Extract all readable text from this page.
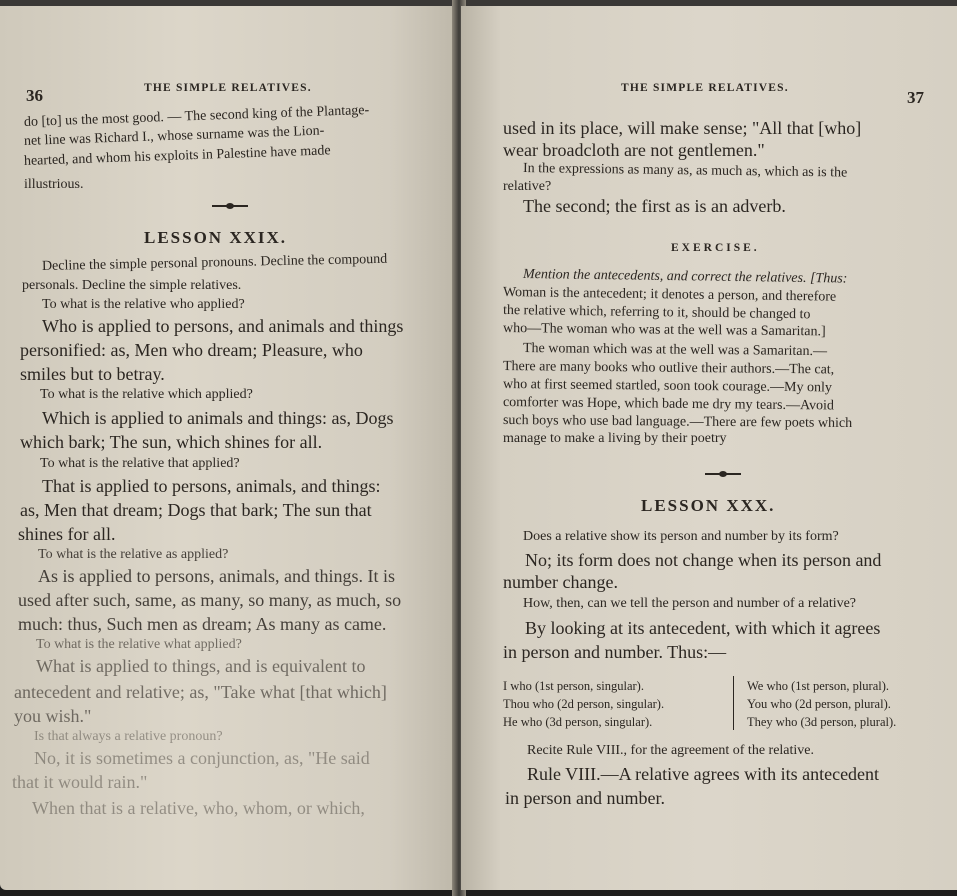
36	THE SIMPLE RELATIVES.
do [to] us the most good. — The second king of the Plantage-
net line was Richard I., whose surname was the Lion-
hearted, and whom his exploits in Palestine have made
illustrious.
LESSON XXIX.
Decline the simple personal pronouns. Decline the compound
personals. Decline the simple relatives.
To what is the relative who applied?
Who is applied to persons, and animals and things
personified: as, Men who dream; Pleasure, who
smiles but to betray.
To what is the relative which applied?
Which is applied to animals and things: as, Dogs
which bark; The sun, which shines for all.
To what is the relative that applied?
That is applied to persons, animals, and things:
as, Men that dream; Dogs that bark; The sun that
shines for all.
To what is the relative as applied?
As is applied to persons, animals, and things. It is
used after such, same, as many, so many, as much, so
much: thus, Such men as dream; As many as came.
To what is the relative what applied?
What is applied to things, and is equivalent to
antecedent and relative; as, "Take what [that which]
you wish."
Is that always a relative pronoun?
No, it is sometimes a conjunction, as, "He said
that it would rain."
When that is a relative, who, whom, or which,
THE SIMPLE RELATIVES.	37
used in its place, will make sense; "All that [who]
wear broadcloth are not gentlemen."
In the expressions as many as, as much as, which as is the
relative?
The second; the first as is an adverb.
EXERCISE.
Mention the antecedents, and correct the relatives. [Thus:
Woman is the antecedent; it denotes a person, and therefore
the relative which, referring to it, should be changed to
who—The woman who was at the well was a Samaritan.]
The woman which was at the well was a Samaritan.—
There are many books who outlive their authors.—The cat,
who at first seemed startled, soon took courage.—My only
comforter was Hope, which bade me dry my tears.—Avoid
such boys who use bad language.—There are few poets which
manage to make a living by their poetry
LESSON XXX.
Does a relative show its person and number by its form?
No; its form does not change when its person and
number change.
How, then, can we tell the person and number of a relative?
By looking at its antecedent, with which it agrees
in person and number. Thus:—
I who (1st person, singular).
Thou who (2d person, singular).
He who (3d person, singular).
We who (1st person, plural).
You who (2d person, plural).
They who (3d person, plural).
Recite Rule VIII., for the agreement of the relative.
Rule VIII.—A relative agrees with its antecedent
in person and number.
